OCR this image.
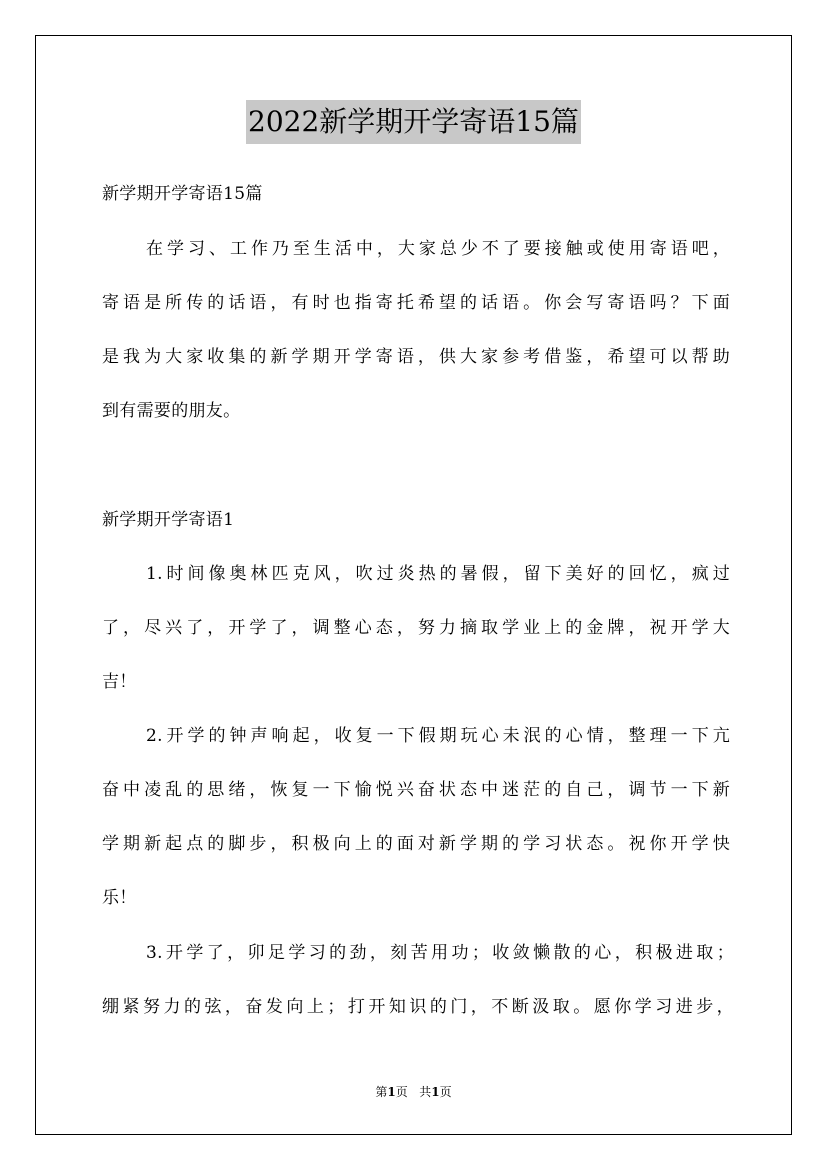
2022新学期开学寄语15篇
新学期开学寄语15篇
在学习、工作乃至生活中，大家总少不了要接触或使用寄语吧，
寄语是所传的话语，有时也指寄托希望的话语。你会写寄语吗？下面
是我为大家收集的新学期开学寄语，供大家参考借鉴，希望可以帮助
到有需要的朋友。
新学期开学寄语1
1.时间像奥林匹克风，吹过炎热的暑假，留下美好的回忆，疯过
了，尽兴了，开学了，调整心态，努力摘取学业上的金牌，祝开学大
吉！
2.开学的钟声响起，收复一下假期玩心未泯的心情，整理一下亢
奋中凌乱的思绪，恢复一下愉悦兴奋状态中迷茫的自己，调节一下新
学期新起点的脚步，积极向上的面对新学期的学习状态。祝你开学快
乐！
3.开学了，卯足学习的劲，刻苦用功；收敛懒散的心，积极进取；
绷紧努力的弦，奋发向上；打开知识的门，不断汲取。愿你学习进步，
第1页 共1页
